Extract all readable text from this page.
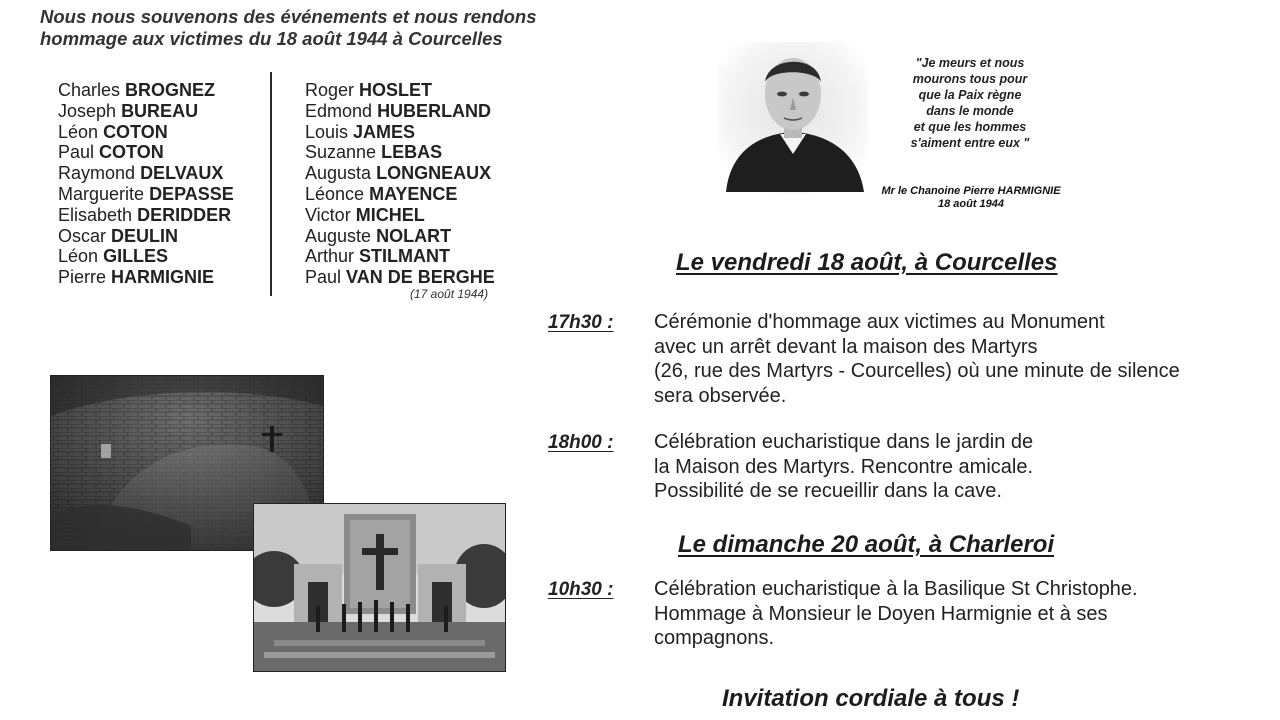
Nous nous souvenons des événements et nous rendons
hommage aux victimes du 18 août 1944 à Courcelles
Charles BROGNEZ
Joseph BUREAU
Léon COTON
Paul COTON
Raymond DELVAUX
Marguerite DEPASSE
Elisabeth DERIDDER
Oscar DEULIN
Léon GILLES
Pierre HARMIGNIE
Roger HOSLET
Edmond HUBERLAND
Louis JAMES
Suzanne LEBAS
Augusta LONGNEAUX
Léonce MAYENCE
Victor MICHEL
Auguste NOLART
Arthur STILMANT
Paul VAN DE BERGHE
(17 août 1944)
"Je meurs et nous
mourons tous pour
que la Paix règne
dans le monde
et que les hommes
s'aiment entre eux "
Mr le Chanoine Pierre HARMIGNIE
18 août 1944
Le vendredi 18 août, à Courcelles
17h30 : Cérémonie d'hommage aux victimes au Monument
avec un arrêt devant la maison des Martyrs
(26, rue des Martyrs - Courcelles) où une minute de silence
sera observée.
18h00 : Célébration eucharistique dans le jardin de
la Maison des Martyrs. Rencontre amicale.
Possibilité de se recueillir dans la cave.
Le dimanche 20 août, à Charleroi
10h30 : Célébration eucharistique à la Basilique St Christophe.
Hommage à Monsieur le Doyen Harmignie et à ses
compagnons.
Invitation cordiale à tous !
